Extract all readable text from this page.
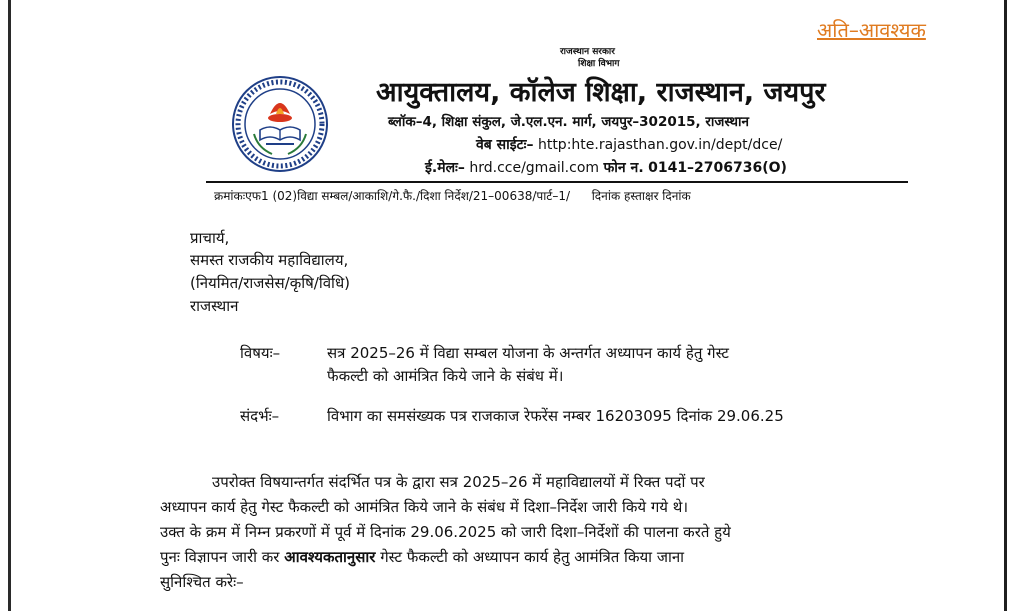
अति–आवश्यक
राजस्थान सरकार
शिक्षा विभाग
आयुक्तालय, कॉलेज शिक्षा, राजस्थान, जयपुर
ब्लॉक–4, शिक्षा संकुल, जे.एल.एन. मार्ग, जयपुर–302015, राजस्थान
वेब साईटः– http:hte.rajasthan.gov.in/dept/dce/
ई.मेलः– hrd.cce/gmail.com फोन न. 0141–2706736(O)
क्रमांकःएफ1 (02)विद्या सम्बल/आकाशि/गे.फै./दिशा निर्देश/21–00638/पार्ट–1/ दिनांक हस्ताक्षर दिनांक
प्राचार्य,
समस्त राजकीय महाविद्यालय,
(नियमित/राजसेस/कृषि/विधि)
राजस्थान
विषयः–	सत्र 2025–26 में विद्या सम्बल योजना के अन्तर्गत अध्यापन कार्य हेतु गेस्ट
फैकल्टी को आमंत्रित किये जाने के संबंध में।
संदर्भः–	विभाग का समसंख्यक पत्र राजकाज रेफरेंस नम्बर 16203095 दिनांक 29.06.25
उपरोक्त विषयान्तर्गत संदर्भित पत्र के द्वारा सत्र 2025–26 में महाविद्यालयों में रिक्त पदों पर
अध्यापन कार्य हेतु गेस्ट फैकल्टी को आमंत्रित किये जाने के संबंध में दिशा–निर्देश जारी किये गये थे।
उक्त के क्रम में निम्न प्रकरणों में पूर्व में दिनांक 29.06.2025 को जारी दिशा–निर्देशों की पालना करते हुये
पुनः विज्ञापन जारी कर आवश्यकतानुसार गेस्ट फैकल्टी को अध्यापन कार्य हेतु आमंत्रित किया जाना
सुनिश्चित करेः–
